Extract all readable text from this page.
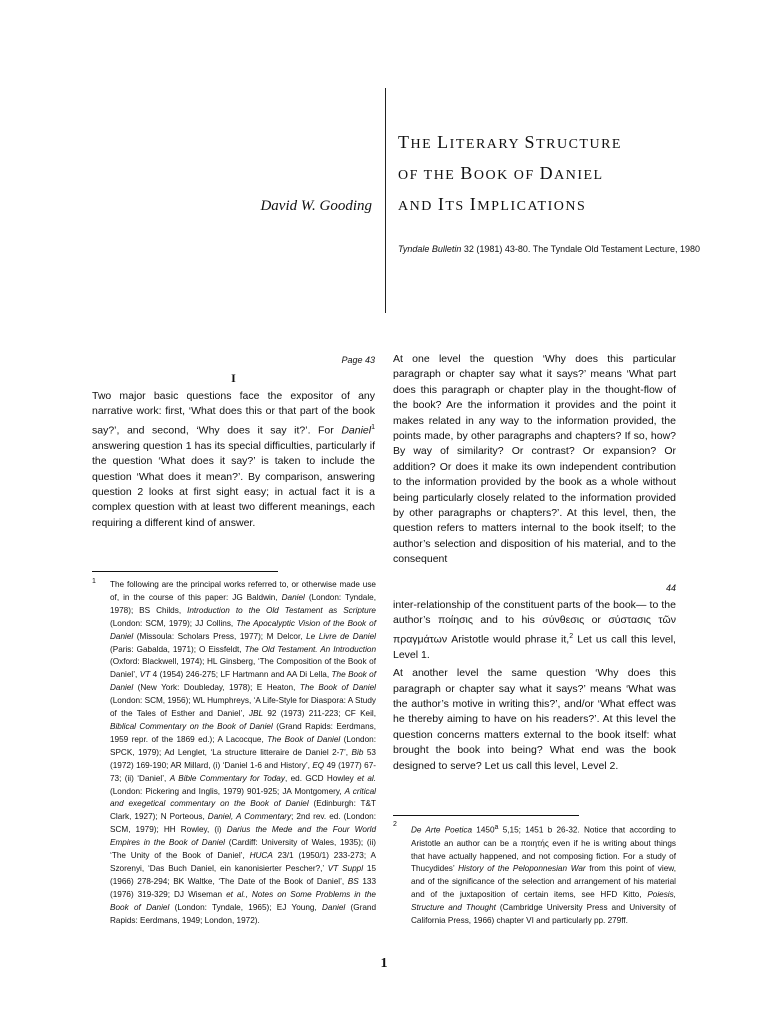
David W. Gooding
THE LITERARY STRUCTURE
OF THE BOOK OF DANIEL
AND ITS IMPLICATIONS
Tyndale Bulletin 32 (1981) 43-80. The Tyndale Old Testament Lecture, 1980
Page 43
I
Two major basic questions face the expositor of any narrative work: first, ‘What does this or that part of the book say?’, and second, ‘Why does it say it?’. For Daniel$^1$ answering question 1 has its special difficulties, particularly if the question ‘What does it say?’ is taken to include the question ‘What does it mean?’. By comparison, answering question 2 looks at first sight easy; in actual fact it is a complex question with at least two different meanings, each requiring a different kind of answer.
1 The following are the principal works referred to, or otherwise made use of, in the course of this paper: JG Baldwin, Daniel (London: Tyndale, 1978); BS Childs, Introduction to the Old Testament as Scripture (London: SCM, 1979); JJ Collins, The Apocalyptic Vision of the Book of Daniel (Missoula: Scholars Press, 1977); M Delcor, Le Livre de Daniel (Paris: Gabalda, 1971); O Eissfeldt, The Old Testament. An Introduction (Oxford: Blackwell, 1974); HL Ginsberg, ‘The Composition of the Book of Daniel’, VT 4 (1954) 246-275; LF Hartmann and AA Di Lella, The Book of Daniel (New York: Doubleday, 1978); E Heaton, The Book of Daniel (London: SCM, 1956); WL Humphreys, ‘A Life-Style for Diaspora: A Study of the Tales of Esther and Daniel’, JBL 92 (1973) 211-223; CF Keil, Biblical Commentary on the Book of Daniel (Grand Rapids: Eerdmans, 1959 repr. of the 1869 ed.); A Lacocque, The Book of Daniel (London: SPCK, 1979); Ad Lenglet, ‘La structure litteraire de Daniel 2-7’, Bib 53 (1972) 169-190; AR Millard, (i) ‘Daniel 1-6 and History’, EQ 49 (1977) 67-73; (ii) ‘Daniel’, A Bible Commentary for Today, ed. GCD Howley et al. (London: Pickering and Inglis, 1979) 901-925; JA Montgomery, A critical and exegetical commentary on the Book of Daniel (Edinburgh: T&T Clark, 1927); N Porteous, Daniel, A Commentary; 2nd rev. ed. (London: SCM, 1979); HH Rowley, (i) Darius the Mede and the Four World Empires in the Book of Daniel (Cardiff: University of Wales, 1935); (ii) ‘The Unity of the Book of Daniel’, HUCA 23/1 (1950/1) 233-273; A Szorenyi, ‘Das Buch Daniel, ein kanonisierter Pescher?,’ VT Suppl 15 (1966) 278-294; BK Waltke, ‘The Date of the Book of Daniel’, BS 133 (1976) 319-329; DJ Wiseman et al., Notes on Some Problems in the Book of Daniel (London: Tyndale, 1965); EJ Young, Daniel (Grand Rapids: Eerdmans, 1949; London, 1972).
At one level the question ‘Why does this particular paragraph or chapter say what it says?’ means ‘What part does this paragraph or chapter play in the thought-flow of the book? Are the information it provides and the point it makes related in any way to the information provided, the points made, by other paragraphs and chapters? If so, how? By way of similarity? Or contrast? Or expansion? Or addition? Or does it make its own independent contribution to the information provided by the book as a whole without being particularly closely related to the information provided by other paragraphs or chapters?’. At this level, then, the question refers to matters internal to the book itself; to the author’s selection and disposition of his material, and to the consequent
44

inter-relationship of the constituent parts of the book— to the author’s ποίησις and to his σύνθεσις or σύστασις τῶν πραγμάτων Aristotle would phrase it,$^2$ Let us call this level, Level 1.

At another level the same question ‘Why does this paragraph or chapter say what it says?’ means ‘What was the author’s motive in writing this?’, and/or ‘What effect was he thereby aiming to have on his readers?’. At this level the question concerns matters external to the book itself: what brought the book into being? What end was the book designed to serve? Let us call this level, Level 2.

2
De Arte Poetica 1450$^a$ 5,15; 1451 b 26-32. Notice that according to Aristotle an author can be a ποιητής even if he is writing about things that have actually happened, and not composing fiction. For a study of Thucydides’ History of the Peloponnesian War from this point of view, and of the significance of the selection and arrangement of his material and of the juxtaposition of certain items, see HFD Kitto, Poiesis, Structure and Thought (Cambridge University Press and University of California Press, 1966) chapter VI and particularly pp. 279ff.
1
